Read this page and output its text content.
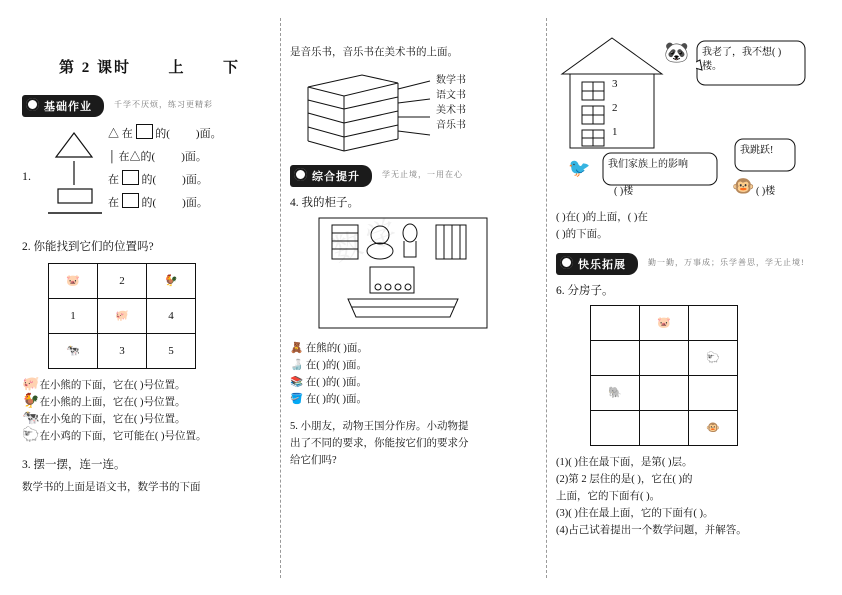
数学
第 2 课时	上	下
基础作业	千学不厌烦，练习更精彩
1.
△ 在  的( )面。
│ 在△的( )面。
在  的( )面。
在  的( )面。
2. 你能找到它们的位置吗?
🐷	2	🐓
1	🐖	4
🐄	3	5
🐖在小熊的下面，它在( )号位置。
🐓在小熊的上面，它在( )号位置。
🐄在小兔的下面，它在( )号位置。
🐑在小鸡的下面，它可能在( )号位置。
3. 摆一摆，连一连。
数学书的上面是语文书，数学书的下面
是音乐书，音乐书在美术书的上面。
数学书
语文书
美术书
音乐书
综合提升	学无止境，一用在心
4. 我的柜子。
🧸 在熊的( )面。
🍶 在( )的( )面。
📚 在( )的( )面。
🪣 在( )的( )面。
5. 小朋友，动物王国分作房。小动物提
出了不同的要求，你能按它们的要求分
给它们吗?
3
2
1
🐼 我老了，我不想( )楼。
我们家族上的影响
🐦
我跳跃!
🐵
( )楼	( )楼
( )在( )的上面，( )在
( )的下面。
快乐拓展	勤一勤，万事成；乐学善思，学无止境!
6. 分房子。
	🐷	
		🐑
🐘		
		🐵
(1)( )住在最下面，是第( )层。
(2)第 2 层住的是( )，它在( )的
上面，它的下面有( )。
(3)( )住在最上面，它的下面有( )。
(4)占己试着提出一个数学问题，并解答。
